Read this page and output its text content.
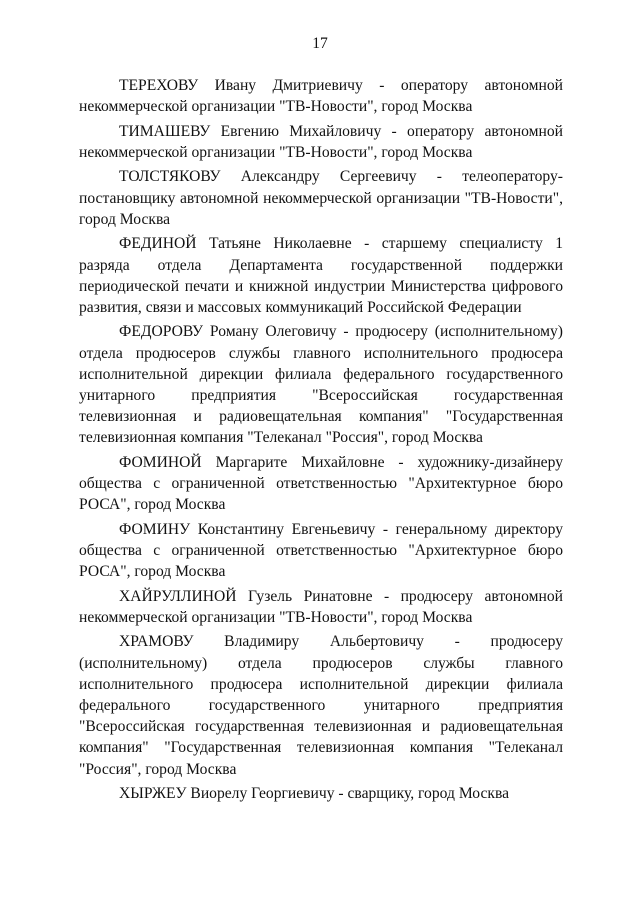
17

ТЕРЕХОВУ Ивану Дмитриевичу - оператору автономной некоммерческой организации "ТВ-Новости", город Москва

ТИМАШЕВУ Евгению Михайловичу - оператору автономной некоммерческой организации "ТВ-Новости", город Москва

ТОЛСТЯКОВУ Александру Сергеевичу - телеоператору-постановщику автономной некоммерческой организации "ТВ-Новости", город Москва

ФЕДИНОЙ Татьяне Николаевне - старшему специалисту 1 разряда отдела Департамента государственной поддержки периодической печати и книжной индустрии Министерства цифрового развития, связи и массовых коммуникаций Российской Федерации

ФЕДОРОВУ Роману Олеговичу - продюсеру (исполнительному) отдела продюсеров службы главного исполнительного продюсера исполнительной дирекции филиала федерального государственного унитарного предприятия "Всероссийская государственная телевизионная и радиовещательная компания" "Государственная телевизионная компания "Телеканал "Россия", город Москва

ФОМИНОЙ Маргарите Михайловне - художнику-дизайнеру общества с ограниченной ответственностью "Архитектурное бюро РОСА", город Москва

ФОМИНУ Константину Евгеньевичу - генеральному директору общества с ограниченной ответственностью "Архитектурное бюро РОСА", город Москва

ХАЙРУЛЛИНОЙ Гузель Ринатовне - продюсеру автономной некоммерческой организации "ТВ-Новости", город Москва

ХРАМОВУ Владимиру Альбертовичу - продюсеру (исполнительному) отдела продюсеров службы главного исполнительного продюсера исполнительной дирекции филиала федерального государственного унитарного предприятия "Всероссийская государственная телевизионная и радиовещательная компания" "Государственная телевизионная компания "Телеканал "Россия", город Москва

ХЫРЖЕУ Виорелу Георгиевичу - сварщику, город Москва
